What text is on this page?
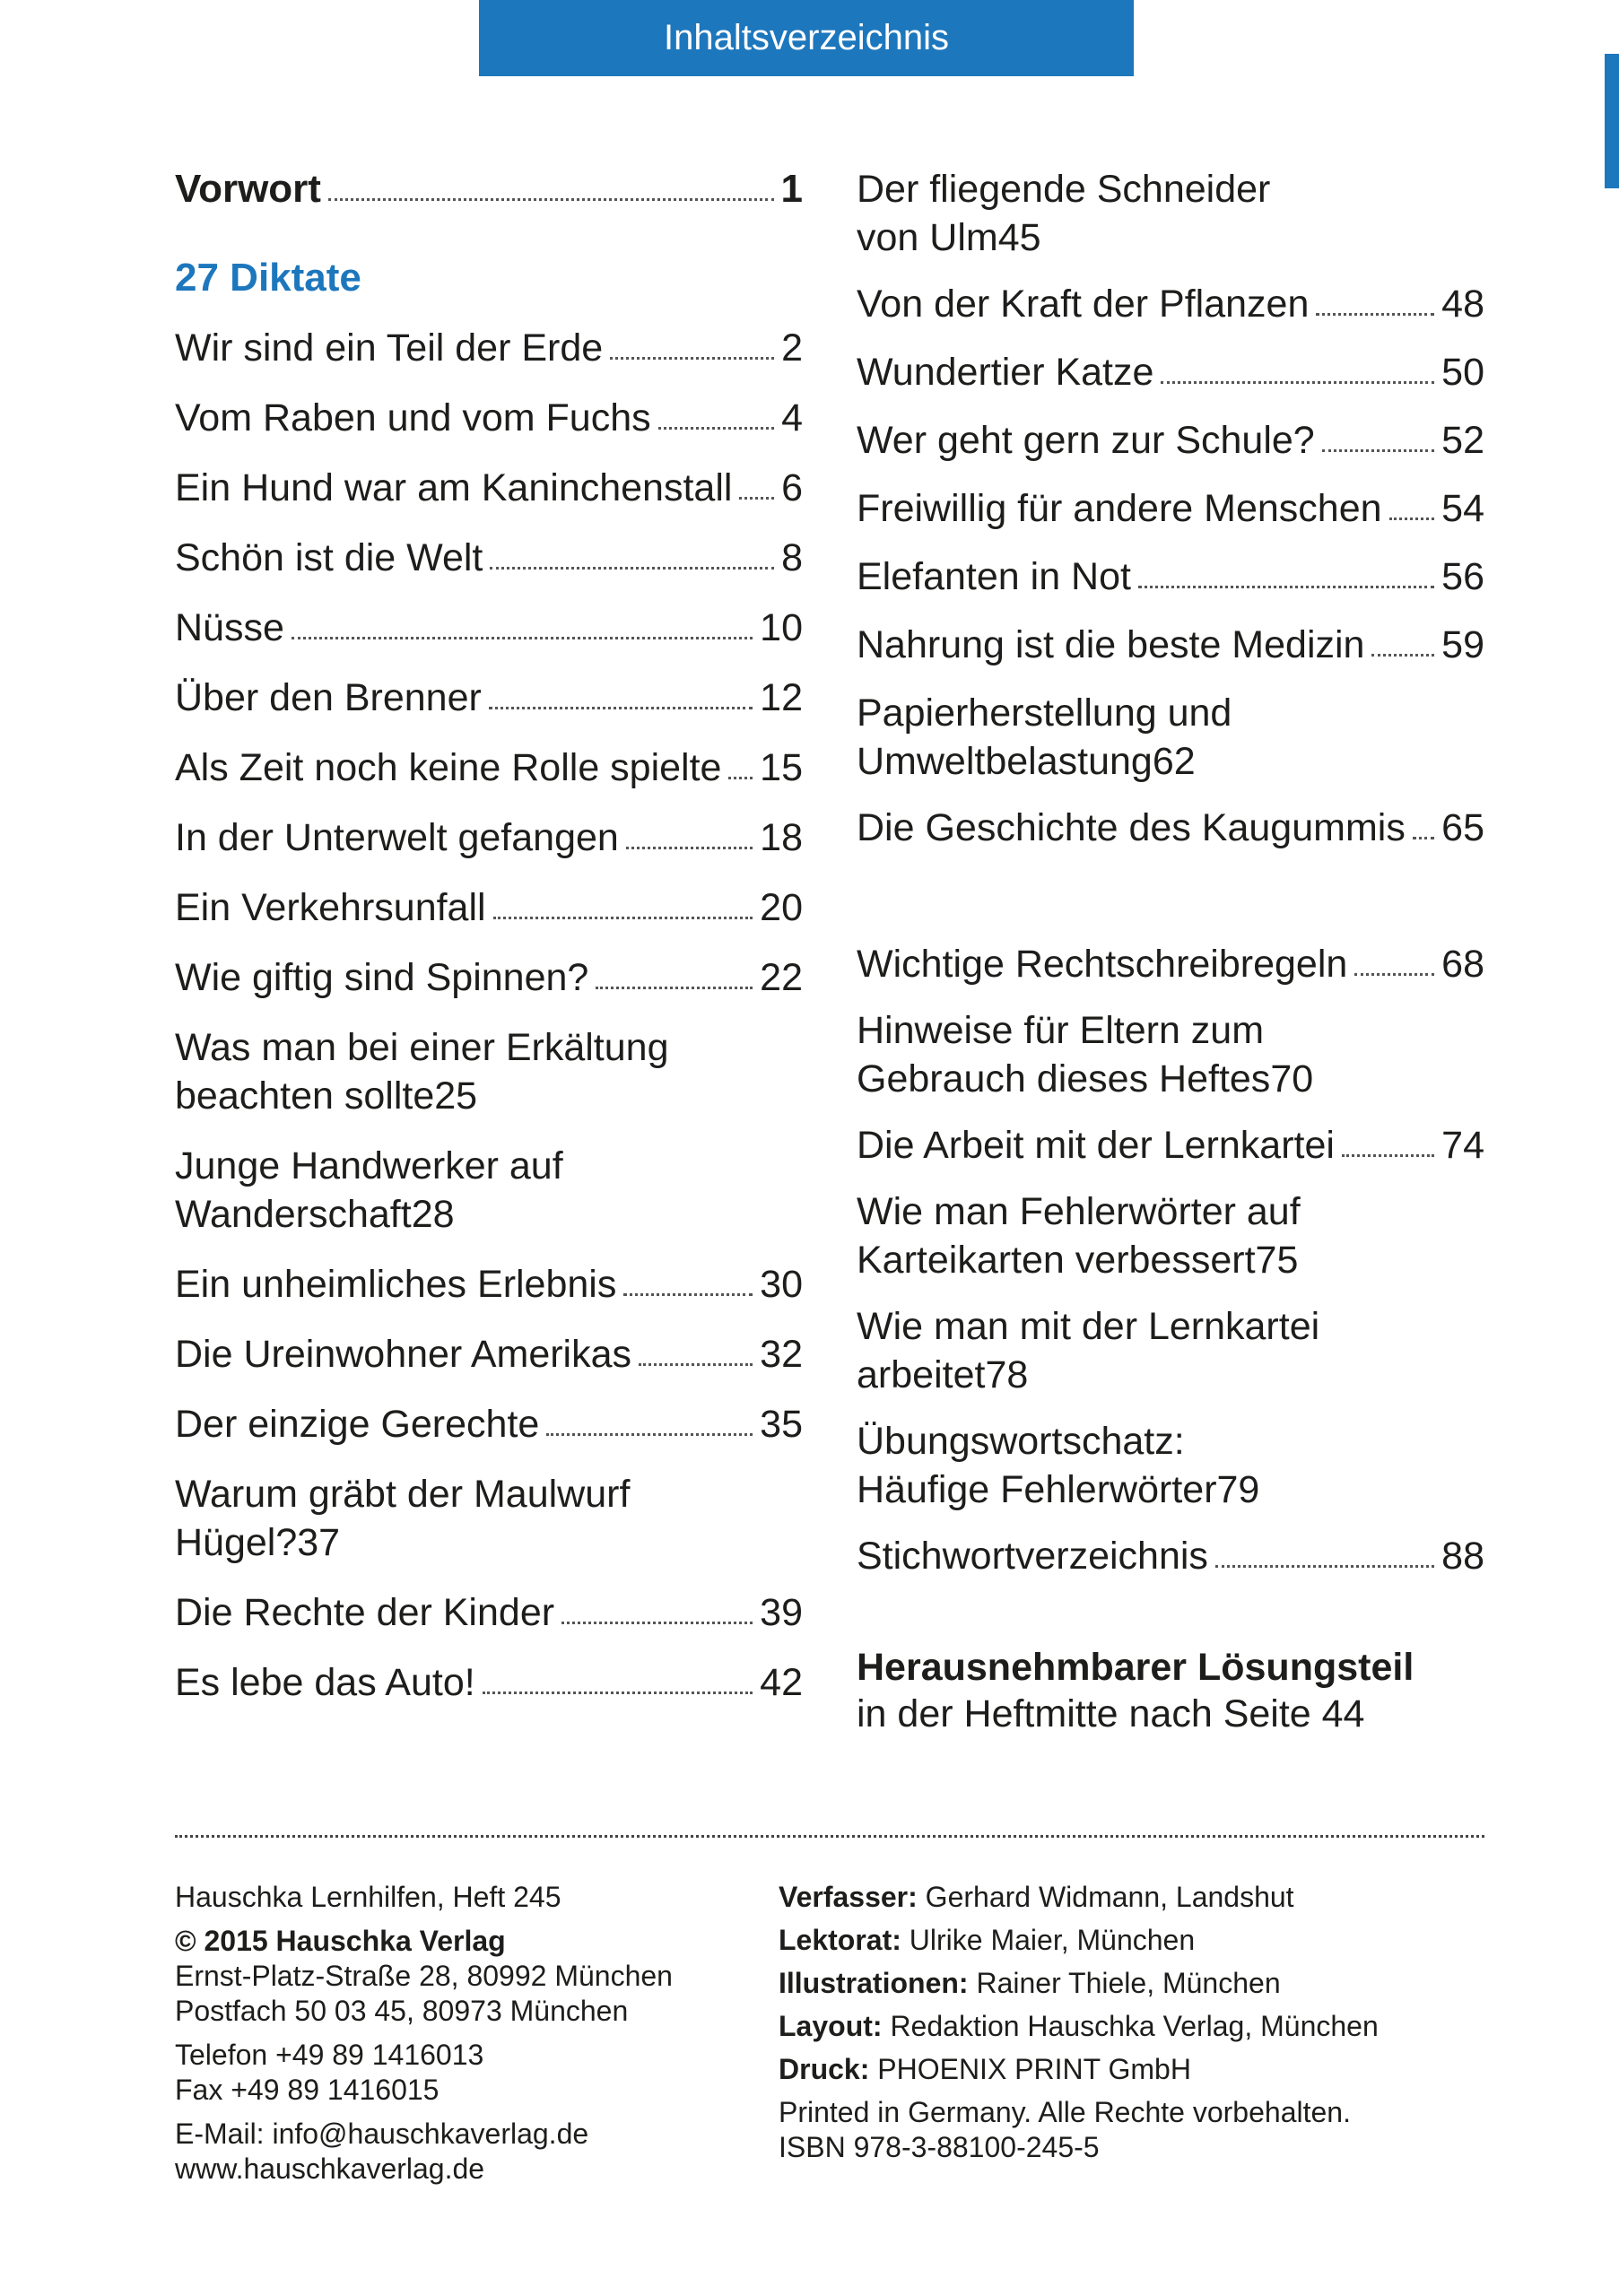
Inhaltsverzeichnis
Vorwort	1
27 Diktate
Wir sind ein Teil der Erde	2
Vom Raben und vom Fuchs	4
Ein Hund war am Kaninchenstall 6
Schön ist die Welt	8
Nüsse	10
Über den Brenner	12
Als Zeit noch keine Rolle spielte 15
In der Unterwelt gefangen	18
Ein Verkehrsunfall	20
Wie giftig sind Spinnen?	22
Was man bei einer Erkältung
beachten sollte 25
Junge Handwerker auf
Wanderschaft 28
Ein unheimliches Erlebnis	30
Die Ureinwohner Amerikas	32
Der einzige Gerechte	35
Warum gräbt der Maulwurf
Hügel? 37
Die Rechte der Kinder	39
Es lebe das Auto!	42
Der fliegende Schneider
von Ulm 45
Von der Kraft der Pflanzen	48
Wundertier Katze	50
Wer geht gern zur Schule?	52
Freiwillig für andere Menschen 54
Elefanten in Not	56
Nahrung ist die beste Medizin 59
Papierherstellung und
Umweltbelastung 62
Die Geschichte des Kaugummis 65
Wichtige Rechtschreibregeln 68
Hinweise für Eltern zum
Gebrauch dieses Heftes 70
Die Arbeit mit der Lernkartei	74
Wie man Fehlerwörter auf
Karteikarten verbessert 75
Wie man mit der Lernkartei
arbeitet 78
Übungswortschatz:
Häufige Fehlerwörter 79
Stichwortverzeichnis	88
Herausnehmbarer Lösungsteil
in der Heftmitte nach Seite 44
Hauschka Lernhilfen, Heft 245
© 2015 Hauschka Verlag
Ernst-Platz-Straße 28, 80992 München
Postfach 50 03 45, 80973 München
Telefon +49 89 1416013
Fax +49 89 1416015
E-Mail: info@hauschkaverlag.de
www.hauschkaverlag.de
Verfasser: Gerhard Widmann, Landshut
Lektorat: Ulrike Maier, München
Illustrationen: Rainer Thiele, München
Layout: Redaktion Hauschka Verlag, München
Druck: PHOENIX PRINT GmbH
Printed in Germany. Alle Rechte vorbehalten.
ISBN 978-3-88100-245-5
